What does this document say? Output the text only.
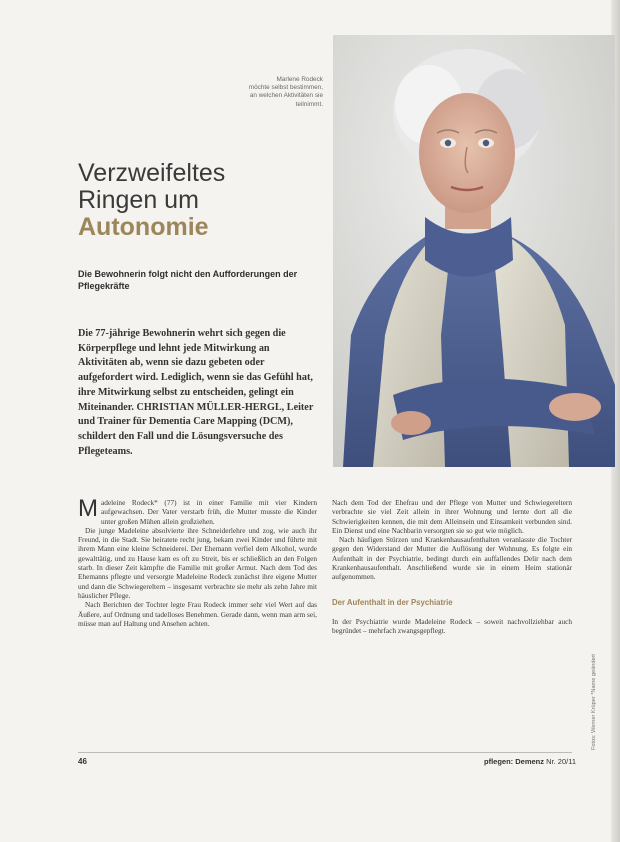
Marlene Rodeck
möchte selbst bestimmen,
an welchen Aktivitäten sie
teilnimmt.
Verzweifeltes
Ringen um
Autonomie
Die Bewohnerin folgt nicht den Aufforderungen der Pflegekräfte
Die 77-jährige Bewohnerin wehrt sich gegen die Körperpflege und lehnt jede Mitwirkung an Aktivitäten ab, wenn sie dazu gebeten oder aufgefordert wird. Lediglich, wenn sie das Gefühl hat, ihre Mitwirkung selbst zu entscheiden, gelingt ein Miteinander. CHRISTIAN MÜLLER-HERGL, Leiter und Trainer für Dementia Care Mapping (DCM), schildert den Fall und die Lösungsversuche des Pflegeteams.

Madeleine Rodeck* (77) ist in einer Familie mit vier Kindern aufgewachsen. Der Vater verstarb früh, die Mutter musste die Kinder unter großen Mühen allein großziehen.

Die junge Madeleine absolvierte ihre Schneiderlehre und zog, wie auch ihr Freund, in die Stadt. Sie heiratete recht jung, bekam zwei Kinder und führte mit ihrem Mann eine kleine Schneiderei. Der Ehemann verfiel dem Alkohol, wurde gewalttätig, und zu Hause kam es oft zu Streit, bis er schließlich an den Folgen starb. In dieser Zeit kämpfte die Familie mit großer Armut. Nach dem Tod des Ehemanns pflegte und versorgte Madeleine Rodeck zunächst ihre eigene Mutter und dann die Schwiegereltern – insgesamt verbrachte sie mehr als zehn Jahre mit häuslicher Pflege.

Nach Berichten der Tochter legte Frau Rodeck immer sehr viel Wert auf das Äußere, auf Ordnung und tadelloses Benehmen. Gerade dann, wenn man arm sei, müsse man auf Haltung und Ansehen achten.

Nach dem Tod der Ehefrau und der Pflege von Mutter und Schwiegereltern verbrachte sie viel Zeit allein in ihrer Wohnung und lernte dort all die Schwierigkeiten kennen, die mit dem Alleinsein und Einsamkeit verbunden sind. Ein Dienst und eine Nachbarin versorgten sie so gut wie möglich.

Nach häufigen Stürzen und Krankenhausaufenthalten veranlasste die Tochter gegen den Widerstand der Mutter die Auflösung der Wohnung. Es folgte ein Aufenthalt in der Psychiatrie, bedingt durch ein auffallendes Delir nach dem Krankenhausaufenthalt. Anschließend wurde sie in einem Heim stationär aufgenommen.

Der Aufenthalt in der Psychiatrie

In der Psychiatrie wurde Madeleine Rodeck – soweit nachvollziehbar auch begründet – mehrfach zwangsgepflegt.

Fotos: Werner Krüper *Name geändert
46	pflegen: Demenz Nr. 20/11
